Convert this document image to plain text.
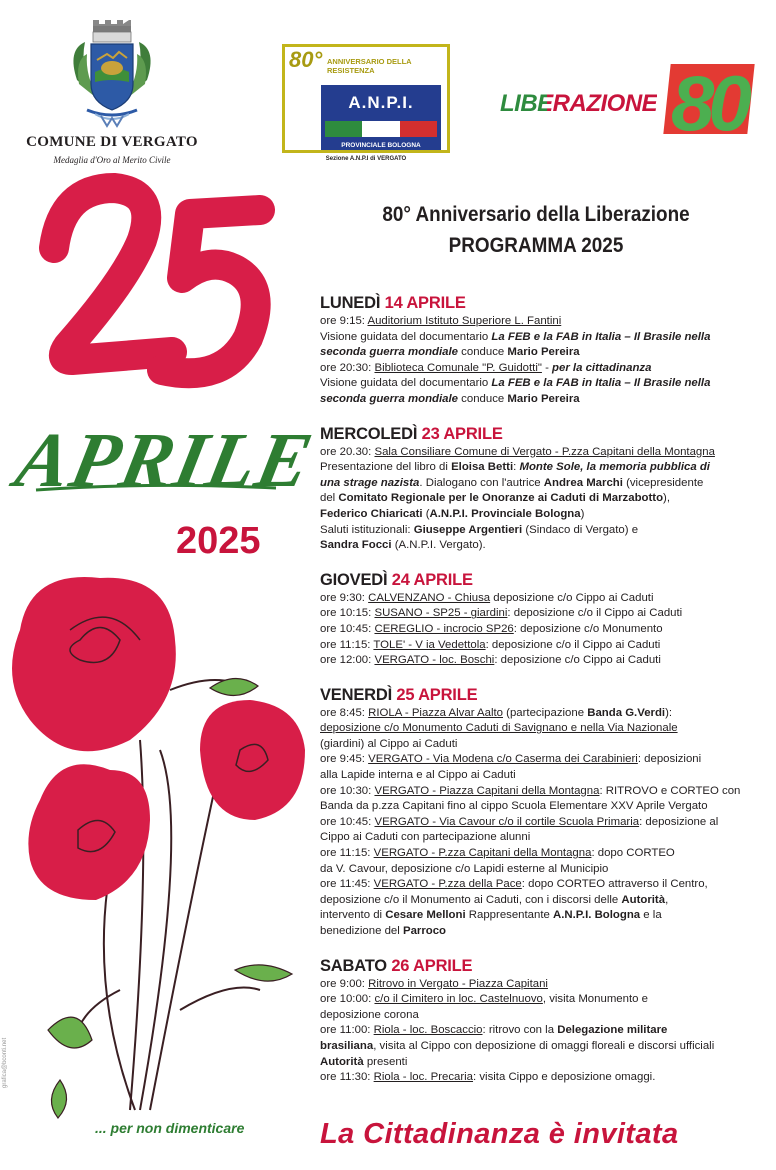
COMUNE DI VERGATO
Medaglia d'Oro al Merito Civile
80° ANNIVERSARIO DELLA RESISTENZA
A.N.P.I.
PROVINCIALE BOLOGNA
Sezione A.N.P.I di VERGATO
LIBERAZIONE 80
APRILE
2025
... per non dimenticare
grafica@bconti.net
80° Anniversario della Liberazione
PROGRAMMA 2025
LUNEDÌ 14 APRILE
ore 9:15: Auditorium Istituto Superiore L. Fantini
Visione guidata del documentario La FEB e la FAB in Italia – Il Brasile nella
seconda guerra mondiale conduce Mario Pereira
ore 20:30: Biblioteca Comunale "P. Guidotti" - per la cittadinanza
Visione guidata del documentario La FEB e la FAB in Italia – Il Brasile nella
seconda guerra mondiale conduce Mario Pereira
MERCOLEDÌ 23 APRILE
ore 20.30: Sala Consiliare Comune di Vergato - P.zza Capitani della Montagna
Presentazione del libro di Eloisa Betti: Monte Sole, la memoria pubblica di
una strage nazista. Dialogano con l'autrice Andrea Marchi (vicepresidente
del Comitato Regionale per le Onoranze ai Caduti di Marzabotto),
Federico Chiaricati (A.N.P.I. Provinciale Bologna)
Saluti istituzionali: Giuseppe Argentieri (Sindaco di Vergato) e
Sandra Focci (A.N.P.I. Vergato).
GIOVEDÌ 24 APRILE
ore 9:30: CALVENZANO - Chiusa deposizione c/o Cippo ai Caduti
ore 10:15: SUSANO - SP25 - giardini: deposizione c/o il Cippo ai Caduti
ore 10:45: CEREGLIO - incrocio SP26: deposizione c/o Monumento
ore 11:15: TOLE' - V ia Vedettola: deposizione c/o il Cippo ai Caduti
ore 12:00: VERGATO - loc. Boschi: deposizione c/o Cippo ai Caduti
VENERDÌ 25 APRILE
ore 8:45: RIOLA - Piazza Alvar Aalto (partecipazione Banda G.Verdi):
deposizione c/o Monumento Caduti di Savignano e nella Via Nazionale
(giardini) al Cippo ai Caduti
ore 9:45: VERGATO - Via Modena c/o Caserma dei Carabinieri: deposizioni
alla Lapide interna e al Cippo ai Caduti
ore 10:30: VERGATO - Piazza Capitani della Montagna: RITROVO e CORTEO con
Banda da p.zza Capitani fino al cippo Scuola Elementare XXV Aprile Vergato
ore 10:45: VERGATO - Via Cavour c/o il cortile Scuola Primaria: deposizione al
Cippo ai Caduti con partecipazione alunni
ore 11:15: VERGATO - P.zza Capitani della Montagna: dopo CORTEO
da V. Cavour, deposizione c/o Lapidi esterne al Municipio
ore 11:45: VERGATO - P.zza della Pace: dopo CORTEO attraverso il Centro,
deposizione c/o il Monumento ai Caduti, con i discorsi delle Autorità,
intervento di Cesare Melloni Rappresentante A.N.P.I. Bologna e la
benedizione del Parroco
SABATO 26 APRILE
ore 9:00: Ritrovo in Vergato - Piazza Capitani
ore 10:00: c/o il Cimitero in loc. Castelnuovo, visita Monumento e
deposizione corona
ore 11:00: Riola - loc. Boscaccio: ritrovo con la Delegazione militare
brasiliana, visita al Cippo con deposizione di omaggi floreali e discorsi ufficiali
Autorità presenti
ore 11:30: Riola - loc. Precaria: visita Cippo e deposizione omaggi.
La Cittadinanza è invitata
